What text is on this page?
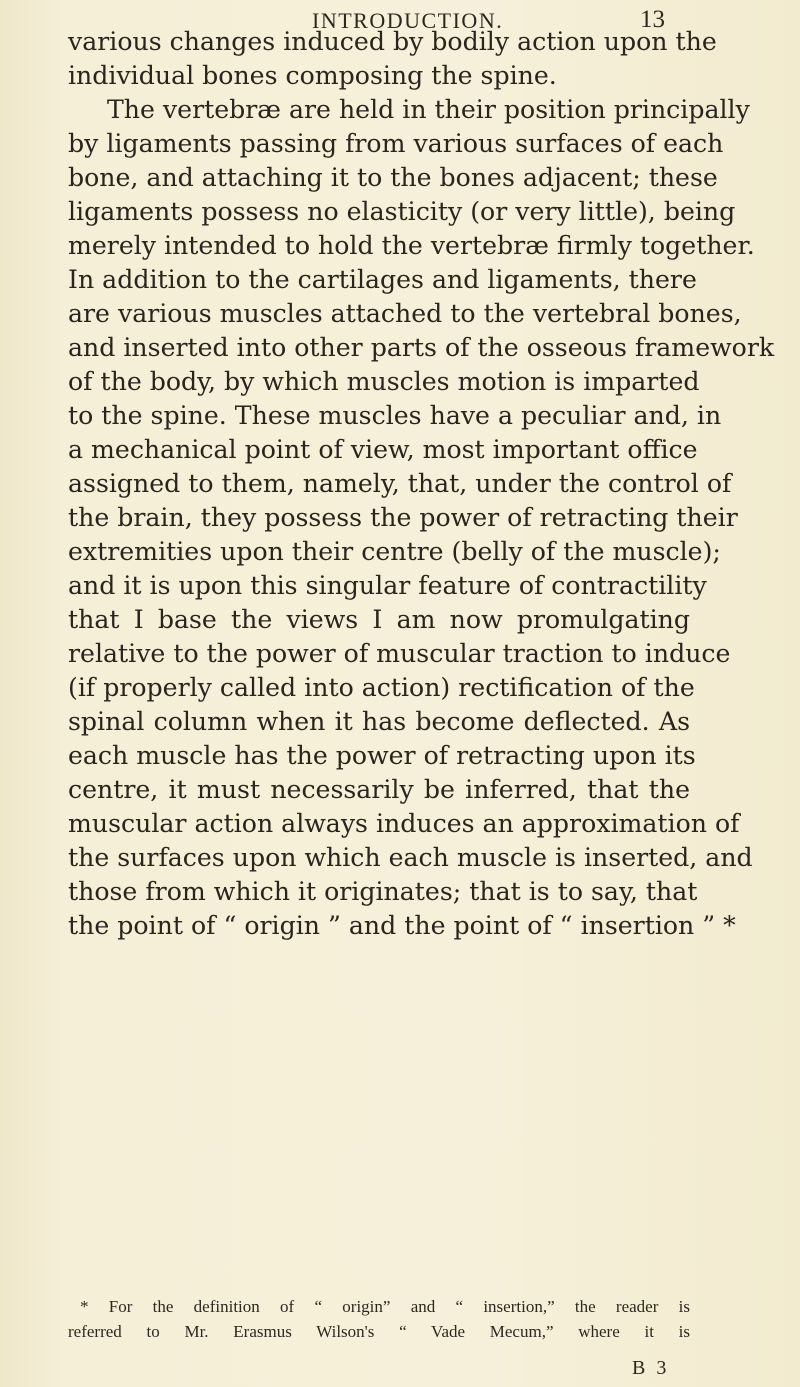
INTRODUCTION.	13
various changes induced by bodily action upon the
individual bones composing the spine.
The vertebræ are held in their position principally
by ligaments passing from various surfaces of each
bone, and attaching it to the bones adjacent; these
ligaments possess no elasticity (or very little), being
merely intended to hold the vertebræ firmly together.
In addition to the cartilages and ligaments, there
are various muscles attached to the vertebral bones,
and inserted into other parts of the osseous framework
of the body, by which muscles motion is imparted
to the spine. These muscles have a peculiar and, in
a mechanical point of view, most important office
assigned to them, namely, that, under the control of
the brain, they possess the power of retracting their
extremities upon their centre (belly of the muscle);
and it is upon this singular feature of contractility
that I base the views I am now promulgating
relative to the power of muscular traction to induce
(if properly called into action) rectification of the
spinal column when it has become deflected. As
each muscle has the power of retracting upon its
centre, it must necessarily be inferred, that the
muscular action always induces an approximation of
the surfaces upon which each muscle is inserted, and
those from which it originates; that is to say, that
the point of “ origin ” and the point of “ insertion ” *
* For the definition of “ origin” and “ insertion,” the reader is
referred to Mr. Erasmus Wilson's “ Vade Mecum,” where it is
B 3
